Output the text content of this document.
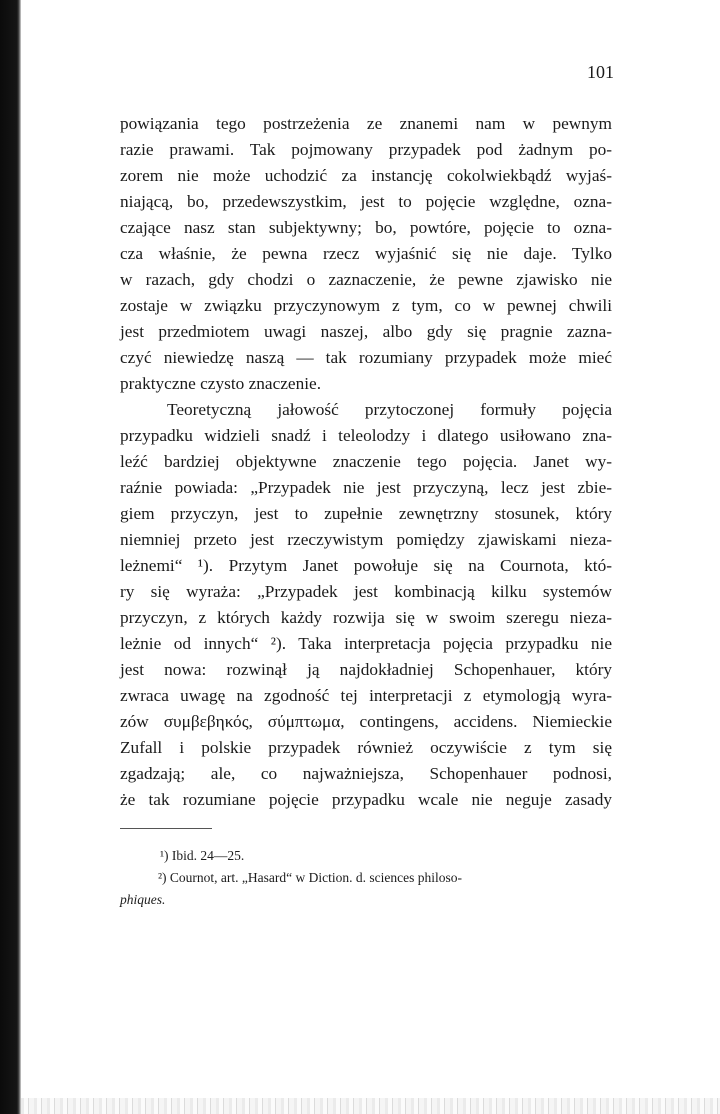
101
powiązania tego postrzeżenia ze znanemi nam w pewnym
razie prawami. Tak pojmowany przypadek pod żadnym po-
zorem nie może uchodzić za instancję cokolwiekbądź wyjaś-
niającą, bo, przedewszystkim, jest to pojęcie względne, ozna-
czające nasz stan subjektywny; bo, powtóre, pojęcie to ozna-
cza właśnie, że pewna rzecz wyjaśnić się nie daje. Tylko
w razach, gdy chodzi o zaznaczenie, że pewne zjawisko nie
zostaje w związku przyczynowym z tym, co w pewnej chwili
jest przedmiotem uwagi naszej, albo gdy się pragnie zazna-
czyć niewiedzę naszą — tak rozumiany przypadek może mieć
praktyczne czysto znaczenie.
Teoretyczną jałowość przytoczonej formuły pojęcia
przypadku widzieli snadź i teleolodzy i dlatego usiłowano zna-
leźć bardziej objektywne znaczenie tego pojęcia. Janet wy-
raźnie powiada: „Przypadek nie jest przyczyną, lecz jest zbie-
giem przyczyn, jest to zupełnie zewnętrzny stosunek, który
niemniej przeto jest rzeczywistym pomiędzy zjawiskami nieza-
leżnemi“ ¹). Przytym Janet powołuje się na Cournota, któ-
ry się wyraża: „Przypadek jest kombinacją kilku systemów
przyczyn, z których każdy rozwija się w swoim szeregu nieza-
leżnie od innych“ ²). Taka interpretacja pojęcia przypadku nie
jest nowa: rozwinął ją najdokładniej Schopenhauer, który
zwraca uwagę na zgodność tej interpretacji z etymologją wyra-
zów συμβεβηκός, σύμπτωμα, contingens, accidens. Niemieckie
Zufall i polskie przypadek również oczywiście z tym się
zgadzają; ale, co najważniejsza, Schopenhauer podnosi,
że tak rozumiane pojęcie przypadku wcale nie neguje zasady
¹) Ibid. 24—25.
²) Cournot, art. „Hasard“ w Diction. d. sciences philoso-
phiques.
